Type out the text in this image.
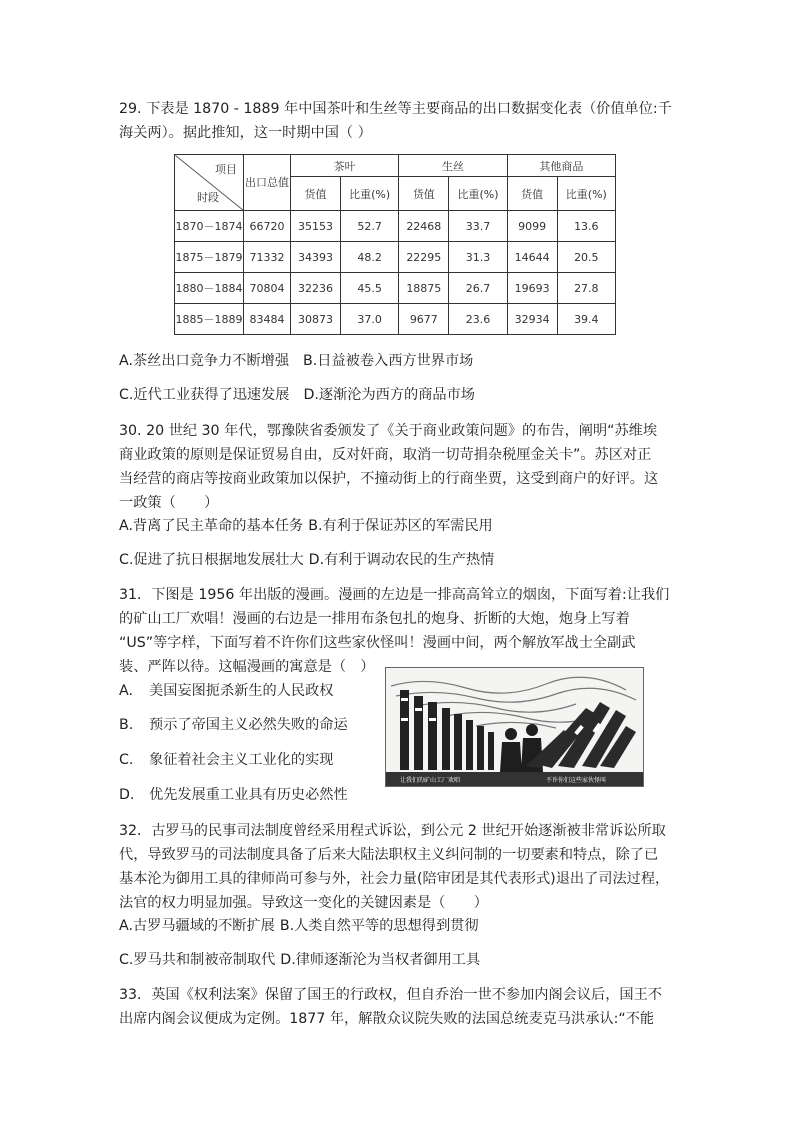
29. 下表是 1870 - 1889 年中国茶叶和生丝等主要商品的出口数据变化表（价值单位:千
海关两）。据此推知，这一时期中国（ ）

项目
时段	出口总值	茶叶		生丝		其他商品	
		货值	比重(%)	货值	比重(%)	货值	比重(%)
1870－1874	66720	35153	52.7	22468	33.7	9099	13.6
1875－1879	71332	34393	48.2	22295	31.3	14644	20.5
1880－1884	70804	32236	45.5	18875	26.7	19693	27.8
1885－1889	83484	30873	37.0	9677	23.6	32934	39.4
A.茶丝出口竞争力不断增强 B.日益被卷入西方世界市场
C.近代工业获得了迅速发展 D.逐渐沦为西方的商品市场

30. 20 世纪 30 年代，鄂豫陕省委颁发了《关于商业政策问题》的布告，阐明“苏维埃
商业政策的原则是保证贸易自由，反对奸商，取消一切苛捐杂税厘金关卡”。苏区对正
当经营的商店等按商业政策加以保护，不撞动街上的行商坐贾，这受到商户的好评。这
一政策（　　）

A.背离了民主革命的基本任务 B.有利于保证苏区的军需民用
C.促进了抗日根据地发展壮大 D.有利于调动农民的生产热情

31．下图是 1956 年出版的漫画。漫画的左边是一排高高耸立的烟囱，下面写着:让我们
的矿山工厂欢唱！漫画的右边是一排用布条包扎的炮身、折断的大炮，炮身上写着
“US”等字样，下面写着不许你们这些家伙怪叫！漫画中间，两个解放军战士全副武
装、严阵以待。这幅漫画的寓意是（　）

A. 美国妄图扼杀新生的人民政权
B. 预示了帝国主义必然失败的命运
C. 象征着社会主义工业化的实现
D. 优先发展重工业具有历史必然性
让我们的矿山工厂欢唱	不许你们这些家伙怪叫

32．古罗马的民事司法制度曾经采用程式诉讼，到公元 2 世纪开始逐渐被非常诉讼所取
代，导致罗马的司法制度具备了后来大陆法职权主义纠问制的一切要素和特点，除了已
基本沦为御用工具的律师尚可参与外，社会力量(陪审团是其代表形式)退出了司法过程，
法官的权力明显加强。导致这一变化的关键因素是（　　）

A.古罗马疆域的不断扩展 B.人类自然平等的思想得到贯彻
C.罗马共和制被帝制取代 D.律师逐渐沦为当权者御用工具

33．英国《权利法案》保留了国王的行政权，但自乔治一世不参加内阁会议后，国王不
出席内阁会议便成为定例。1877 年，解散众议院失败的法国总统麦克马洪承认:“不能
